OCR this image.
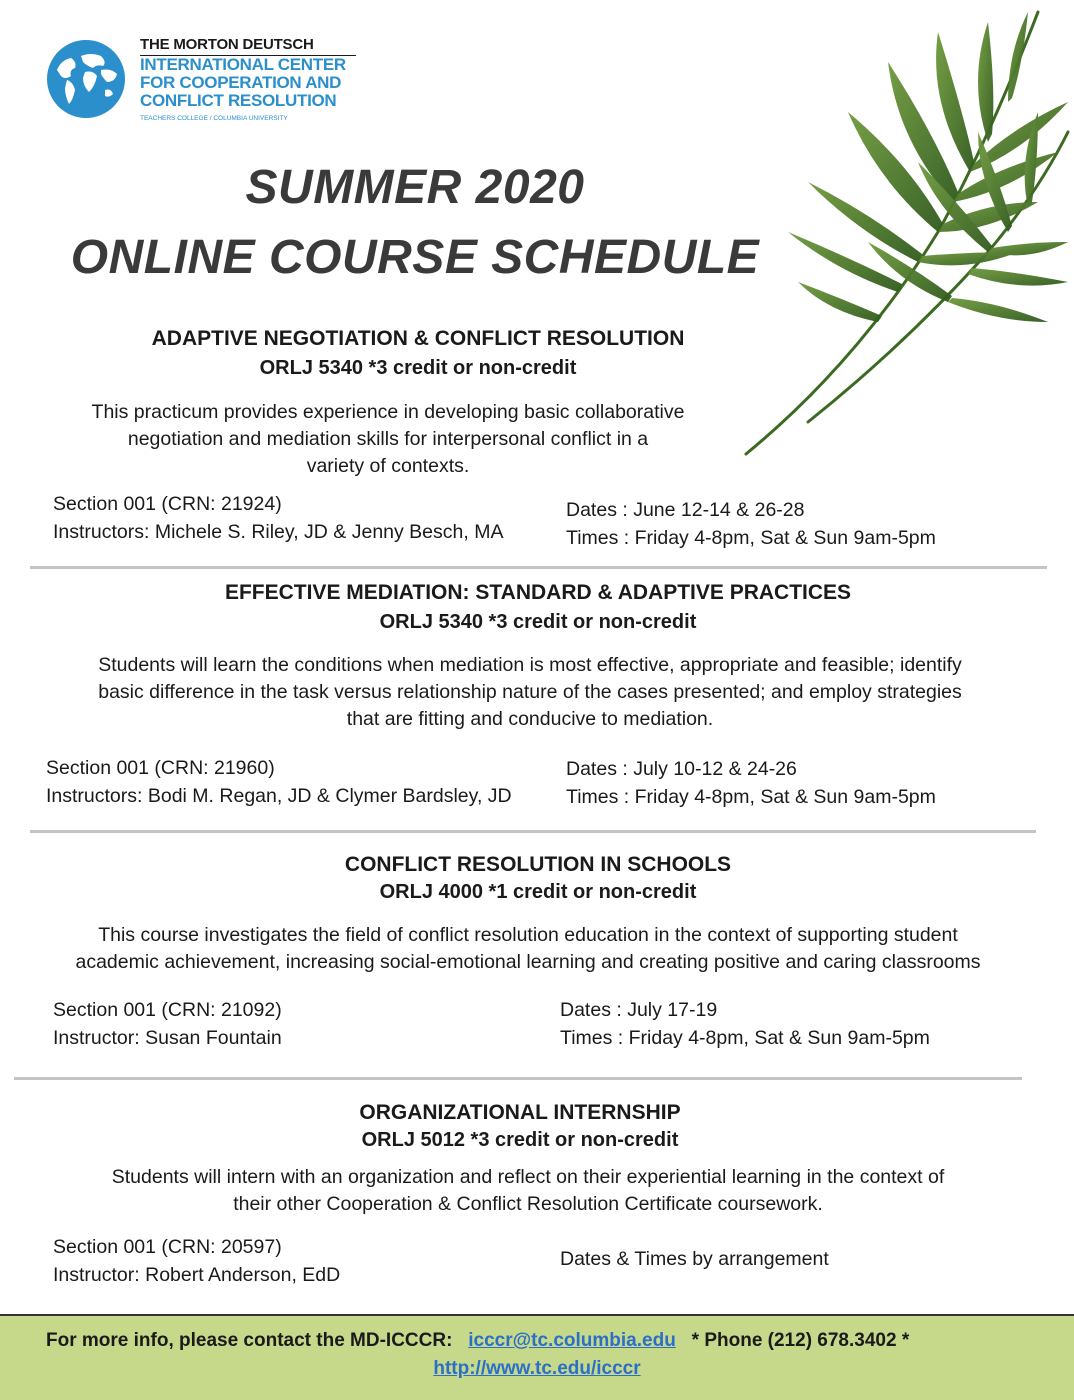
THE MORTON DEUTSCH
INTERNATIONAL CENTER
FOR COOPERATION AND
CONFLICT RESOLUTION
TEACHERS COLLEGE / COLUMBIA UNIVERSITY
SUMMER 2020
ONLINE COURSE SCHEDULE
ADAPTIVE NEGOTIATION & CONFLICT RESOLUTION
ORLJ 5340 *3 credit or non-credit
This practicum provides experience in developing basic collaborative
negotiation and mediation skills for interpersonal conflict in a
variety of contexts.
Section 001 (CRN: 21924)
Instructors: Michele S. Riley, JD & Jenny Besch, MA
Dates : June 12-14 & 26-28
Times : Friday 4-8pm, Sat & Sun 9am-5pm
EFFECTIVE MEDIATION: STANDARD & ADAPTIVE PRACTICES
ORLJ 5340 *3 credit or non-credit
Students will learn the conditions when mediation is most effective, appropriate and feasible; identify
basic difference in the task versus relationship nature of the cases presented; and employ strategies
that are fitting and conducive to mediation.
Section 001 (CRN: 21960)
Instructors: Bodi M. Regan, JD & Clymer Bardsley, JD
Dates : July 10-12 & 24-26
Times : Friday 4-8pm, Sat & Sun 9am-5pm
CONFLICT RESOLUTION IN SCHOOLS
ORLJ 4000 *1 credit or non-credit
This course investigates the field of conflict resolution education in the context of supporting student
academic achievement, increasing social-emotional learning and creating positive and caring classrooms
Section 001 (CRN: 21092)
Instructor: Susan Fountain
Dates : July 17-19
Times : Friday 4-8pm, Sat & Sun 9am-5pm
ORGANIZATIONAL INTERNSHIP
ORLJ 5012 *3 credit or non-credit
Students will intern with an organization and reflect on their experiential learning in the context of
their other Cooperation & Conflict Resolution Certificate coursework.
Section 001 (CRN: 20597)
Instructor: Robert Anderson, EdD
Dates & Times by arrangement
For more info, please contact the MD-ICCCR: icccr@tc.columbia.edu * Phone (212) 678.3402 *
http://www.tc.edu/icccr
